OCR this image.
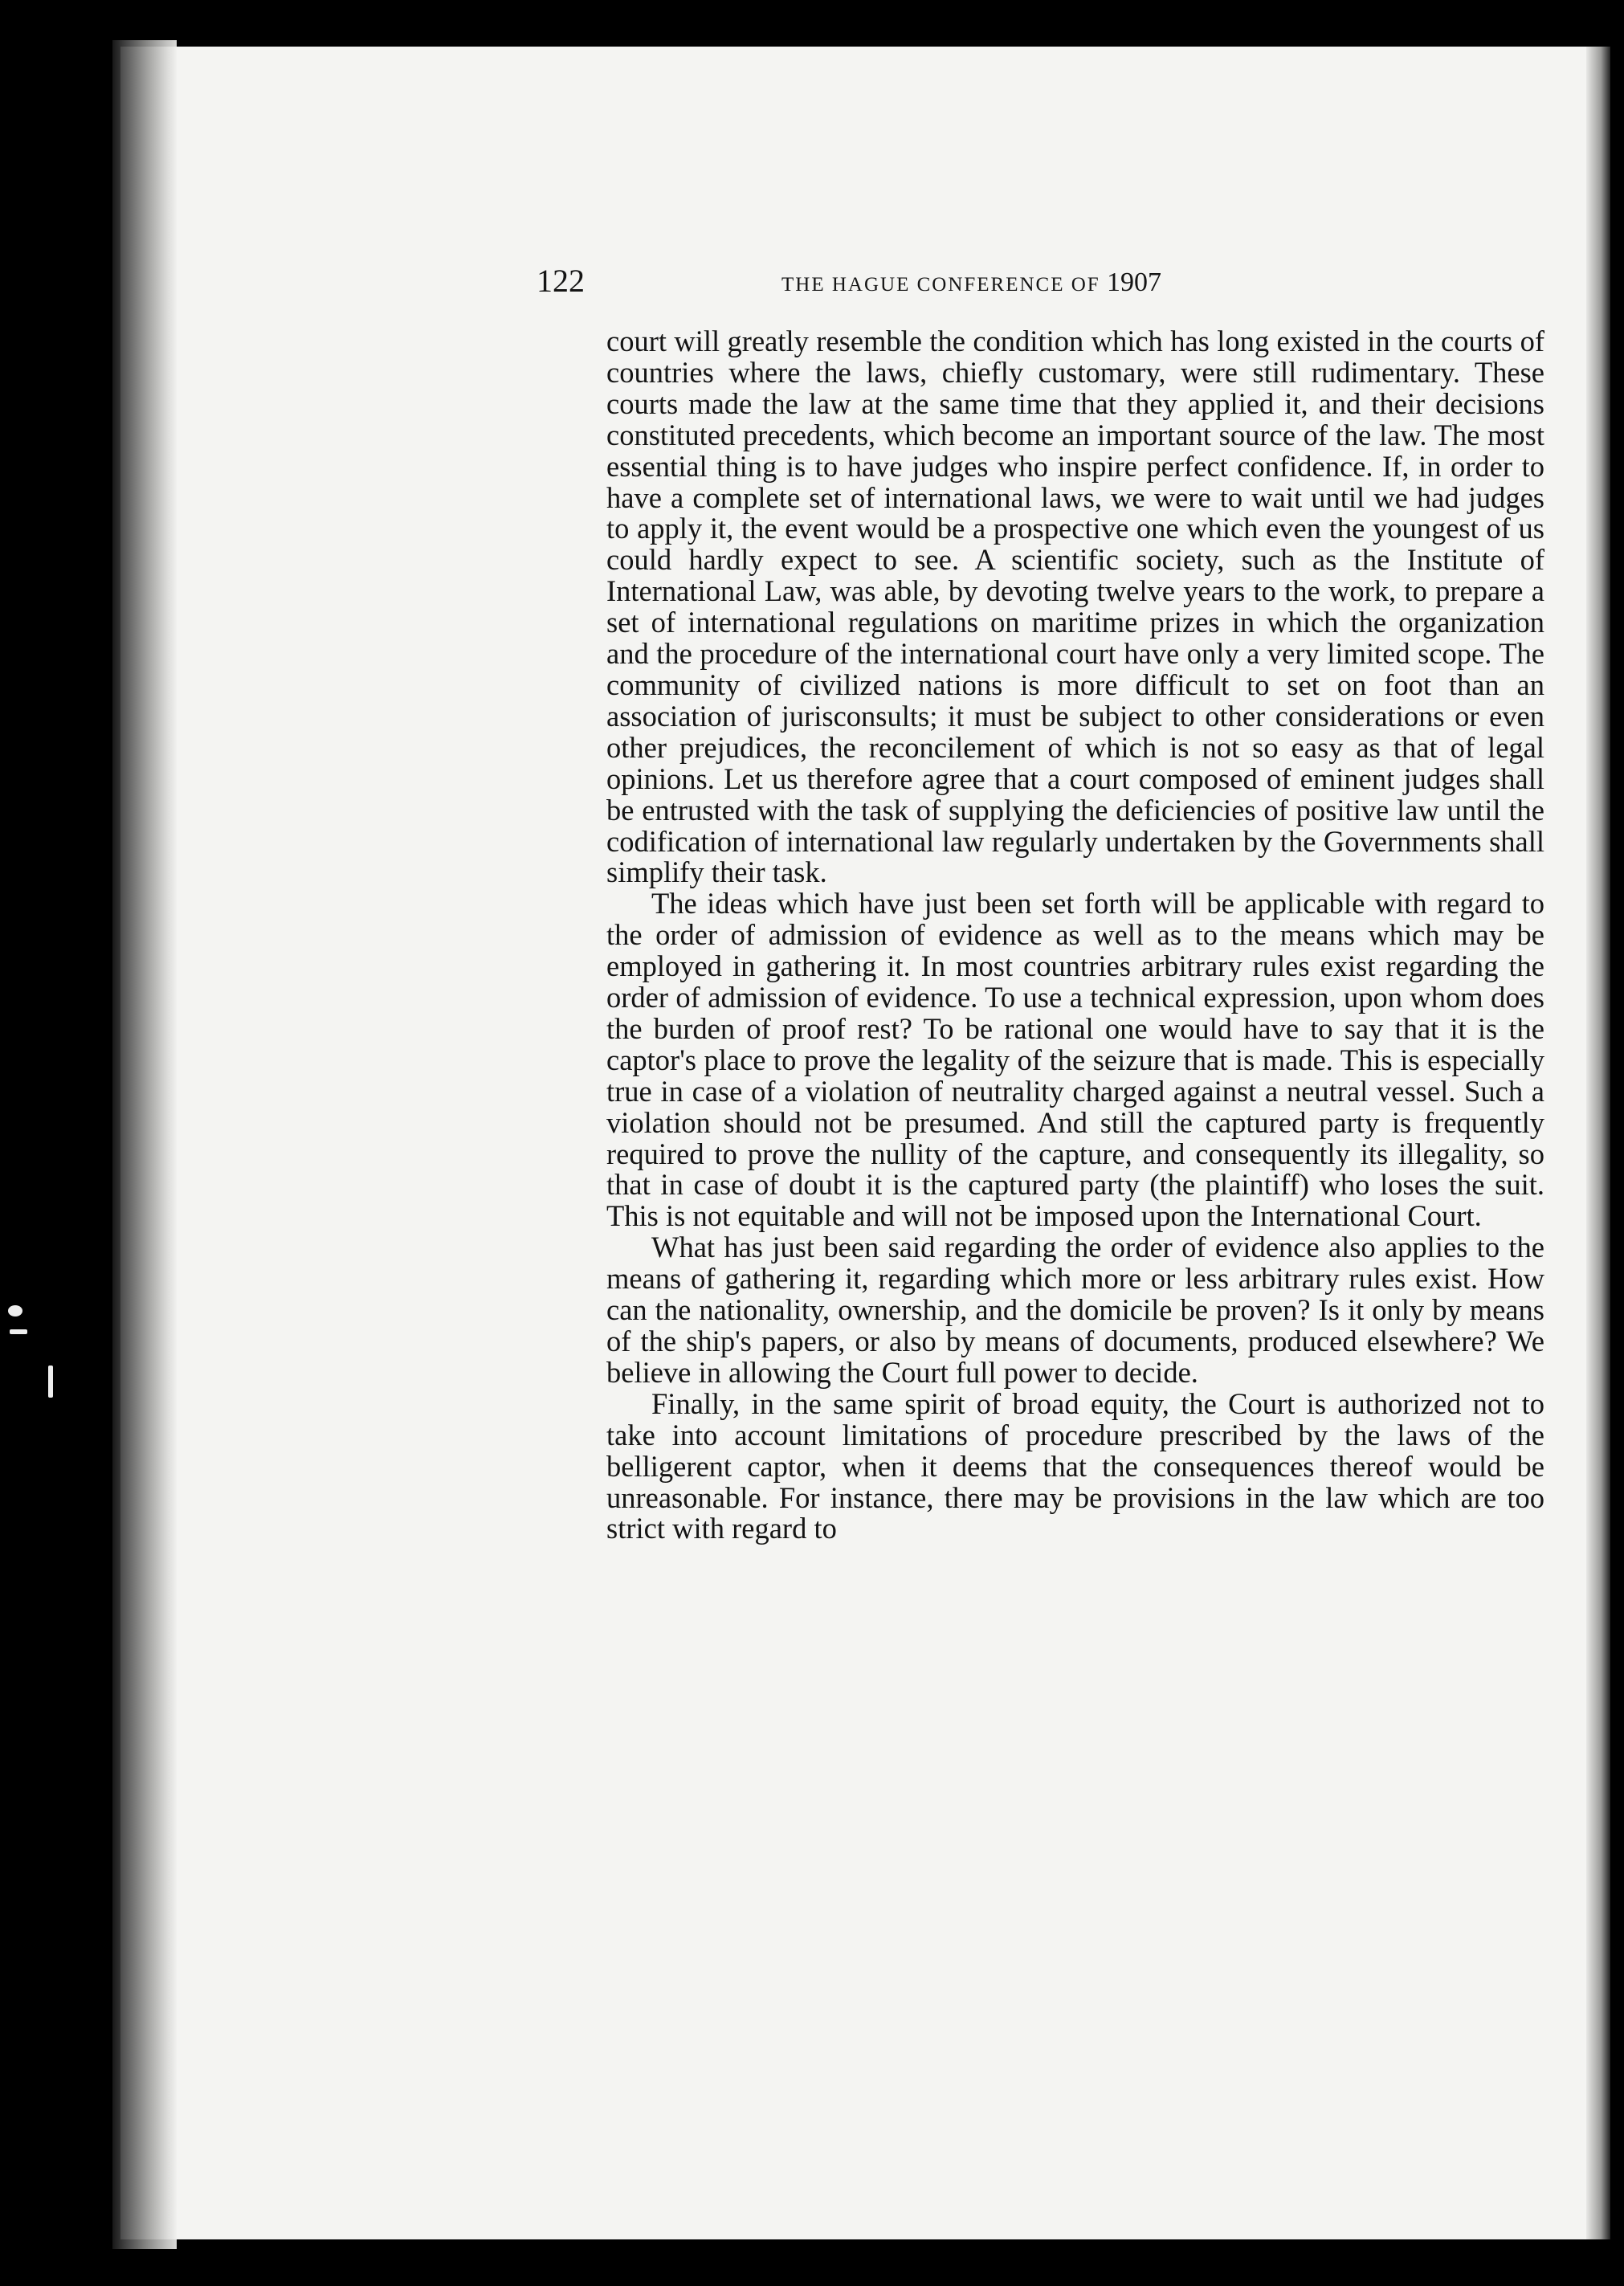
122	THE HAGUE CONFERENCE OF 1907

court will greatly resemble the condition which has long existed in the courts of countries where the laws, chiefly customary, were still rudimentary. These courts made the law at the same time that they applied it, and their decisions constituted precedents, which become an important source of the law. The most essential thing is to have judges who inspire perfect confidence. If, in order to have a complete set of international laws, we were to wait until we had judges to apply it, the event would be a prospective one which even the youngest of us could hardly expect to see. A scientific society, such as the Institute of International Law, was able, by devoting twelve years to the work, to prepare a set of international regulations on maritime prizes in which the organization and the procedure of the international court have only a very limited scope. The community of civilized nations is more difficult to set on foot than an association of jurisconsults; it must be subject to other considerations or even other prejudices, the reconcilement of which is not so easy as that of legal opinions. Let us therefore agree that a court composed of eminent judges shall be entrusted with the task of supplying the deficiencies of positive law until the codification of international law regularly undertaken by the Governments shall simplify their task.

The ideas which have just been set forth will be applicable with regard to the order of admission of evidence as well as to the means which may be employed in gathering it. In most countries arbitrary rules exist regarding the order of admission of evidence. To use a technical expression, upon whom does the burden of proof rest? To be rational one would have to say that it is the captor's place to prove the legality of the seizure that is made. This is especially true in case of a violation of neutrality charged against a neutral vessel. Such a violation should not be presumed. And still the captured party is frequently required to prove the nullity of the capture, and consequently its illegality, so that in case of doubt it is the captured party (the plaintiff) who loses the suit. This is not equitable and will not be imposed upon the International Court.

What has just been said regarding the order of evidence also applies to the means of gathering it, regarding which more or less arbitrary rules exist. How can the nationality, ownership, and the domicile be proven? Is it only by means of the ship's papers, or also by means of documents, produced elsewhere? We believe in allowing the Court full power to decide.

Finally, in the same spirit of broad equity, the Court is authorized not to take into account limitations of procedure prescribed by the laws of the belligerent captor, when it deems that the consequences thereof would be unreasonable. For instance, there may be provisions in the law which are too strict with regard to
